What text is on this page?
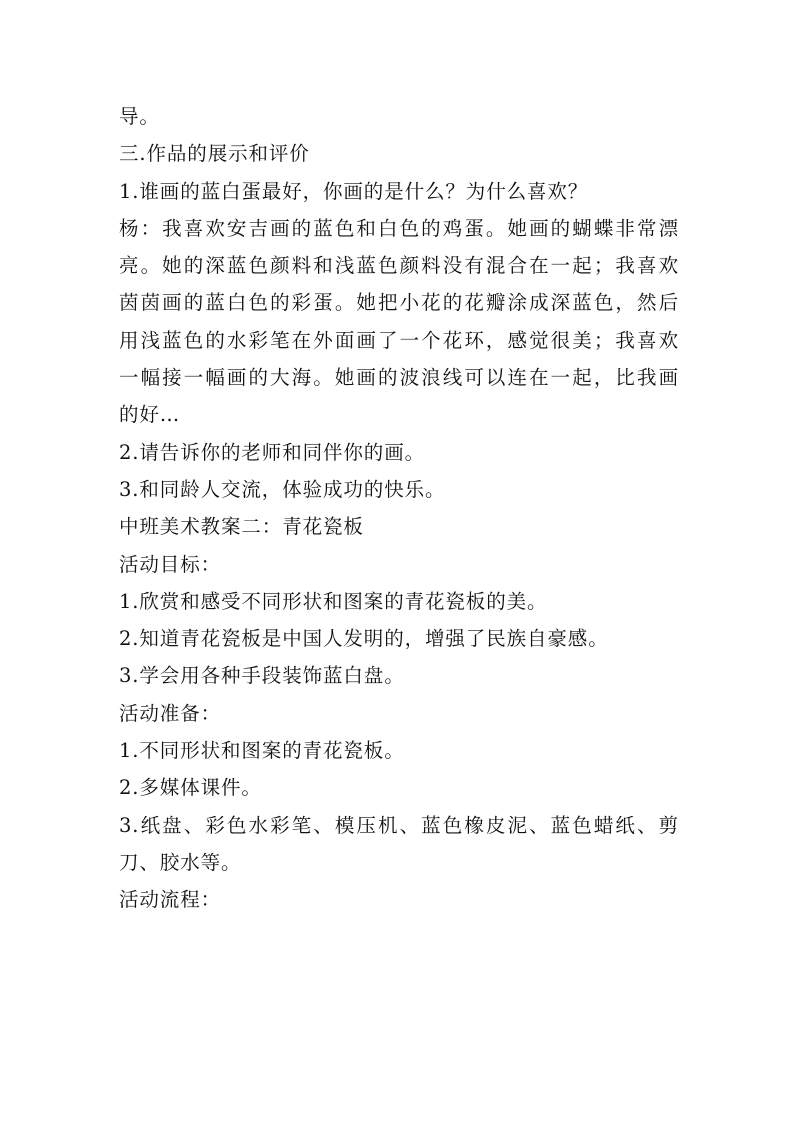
导。

三.作品的展示和评价

1.谁画的蓝白蛋最好，你画的是什么？为什么喜欢？

杨：我喜欢安吉画的蓝色和白色的鸡蛋。她画的蝴蝶非常漂

亮。她的深蓝色颜料和浅蓝色颜料没有混合在一起；我喜欢

茵茵画的蓝白色的彩蛋。她把小花的花瓣涂成深蓝色，然后

用浅蓝色的水彩笔在外面画了一个花环，感觉很美；我喜欢

一幅接一幅画的大海。她画的波浪线可以连在一起，比我画

的好…

2.请告诉你的老师和同伴你的画。

3.和同龄人交流，体验成功的快乐。

中班美术教案二：青花瓷板

活动目标：

1.欣赏和感受不同形状和图案的青花瓷板的美。

2.知道青花瓷板是中国人发明的，增强了民族自豪感。

3.学会用各种手段装饰蓝白盘。

活动准备：

1.不同形状和图案的青花瓷板。

2.多媒体课件。

3.纸盘、彩色水彩笔、模压机、蓝色橡皮泥、蓝色蜡纸、剪

刀、胶水等。

活动流程：
